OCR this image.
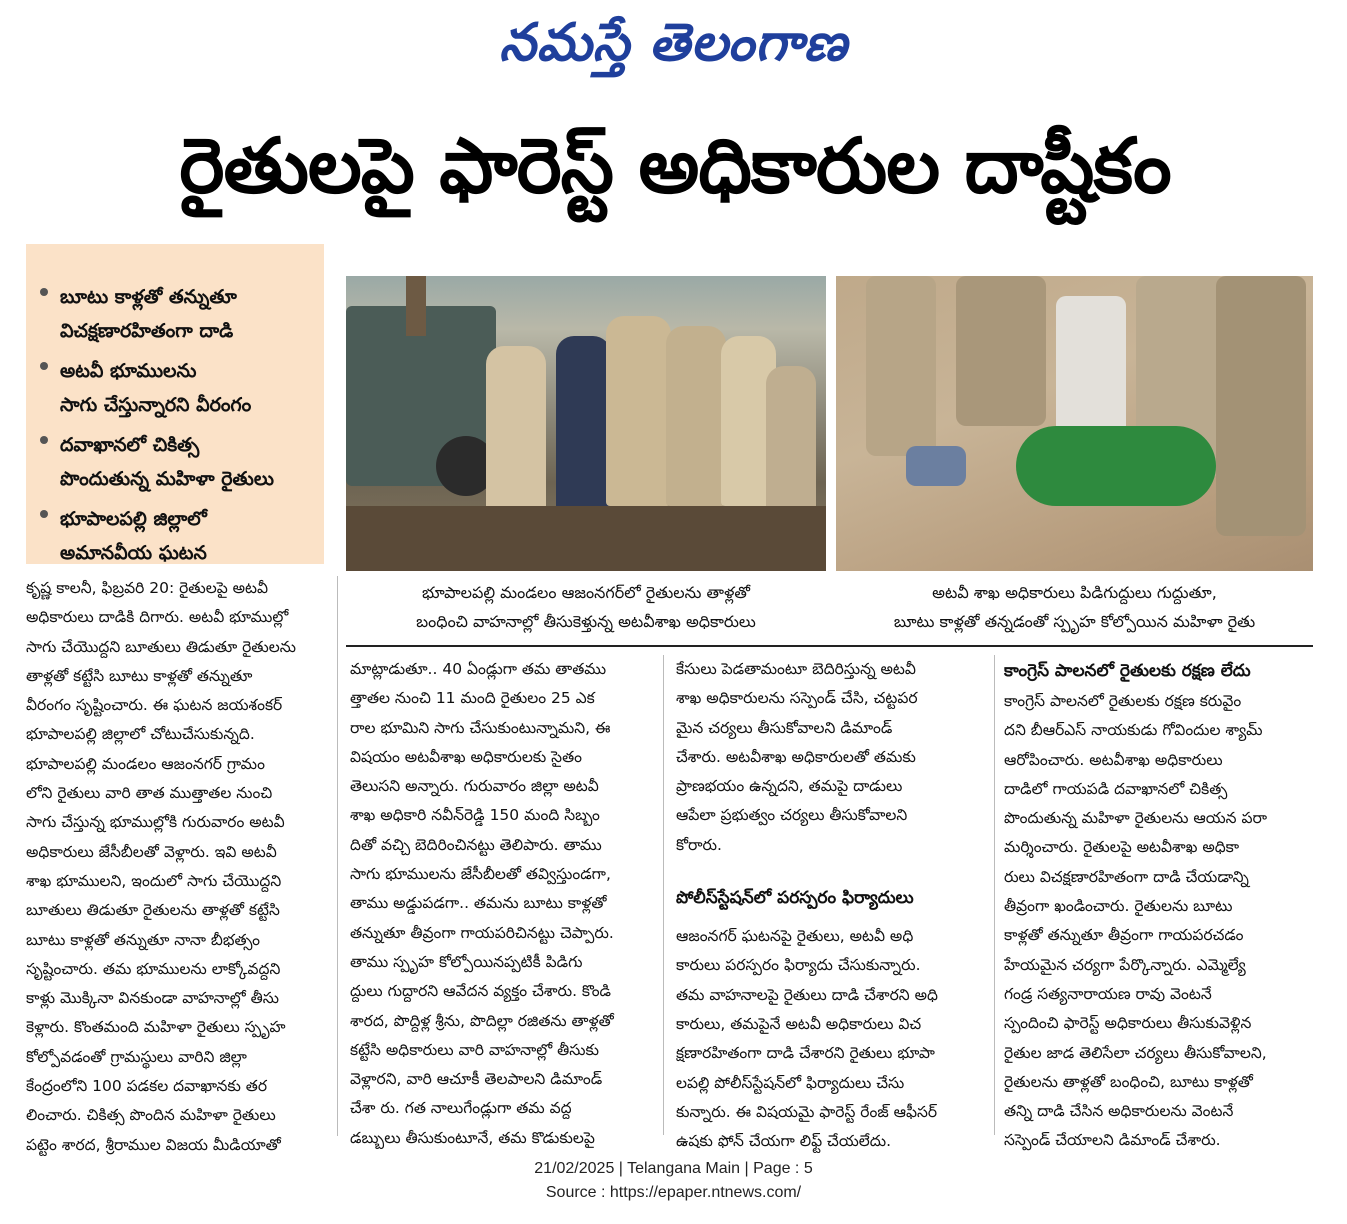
నమస్తే తెలంగాణ
రైతులపై ఫారెస్ట్ అధికారుల దాష్టీకం
బూటు కాళ్లతో తన్నుతూ
విచక్షణారహితంగా దాడి
అటవీ భూములను
సాగు చేస్తున్నారని వీరంగం
దవాఖానలో చికిత్స
పొందుతున్న మహిళా రైతులు
భూపాలపల్లి జిల్లాలో
అమానవీయ ఘటన
భూపాలపల్లి మండలం ఆజంనగర్‌లో రైతులను తాళ్లతో
బంధించి వాహనాల్లో తీసుకెళ్తున్న అటవీశాఖ అధికారులు
అటవీ శాఖ అధికారులు పిడిగుద్దులు గుద్దుతూ,
బూటు కాళ్లతో తన్నడంతో స్పృహ కోల్పోయిన మహిళా రైతు
కృష్ణ కాలనీ, ఫిబ్రవరి 20: రైతులపై అటవీ
అధికారులు దాడికి దిగారు. అటవీ భూముల్లో
సాగు చేయొద్దని బూతులు తిడుతూ రైతులను
తాళ్లతో కట్టేసి బూటు కాళ్లతో తన్నుతూ
వీరంగం సృష్టించారు. ఈ ఘటన జయశంకర్
భూపాలపల్లి జిల్లాలో చోటుచేసుకున్నది.
భూపాలపల్లి మండలం ఆజంనగర్ గ్రామం
లోని రైతులు వారి తాత ముత్తాతల నుంచి
సాగు చేస్తున్న భూముల్లోకి గురువారం అటవీ
అధికారులు జేసీబీలతో వెళ్లారు. ఇవి అటవీ
శాఖ భూములని, ఇందులో సాగు చేయొద్దని
బూతులు తిడుతూ రైతులను తాళ్లతో కట్టేసి
బూటు కాళ్లతో తన్నుతూ నానా బీభత్సం
సృష్టించారు. తమ భూములను లాక్కోవద్దని
కాళ్లు మొక్కినా వినకుండా వాహనాల్లో తీసు
కెళ్లారు. కొంతమంది మహిళా రైతులు స్పృహ
కోల్పోవడంతో గ్రామస్థులు వారిని జిల్లా
కేంద్రంలోని 100 పడకల దవాఖానకు తర
లించారు. చికిత్స పొందిన మహిళా రైతులు
పట్టెం శారద, శ్రీరాముల విజయ మీడియాతో
మాట్లాడుతూ.. 40 ఏండ్లుగా తమ తాతము
త్తాతల నుంచి 11 మంది రైతులం 25 ఎక
రాల భూమిని సాగు చేసుకుంటున్నామని, ఈ
విషయం అటవీశాఖ అధికారులకు సైతం
తెలుసని అన్నారు. గురువారం జిల్లా అటవీ
శాఖ అధికారి నవీన్‌రెడ్డి 150 మంది సిబ్బం
దితో వచ్చి బెదిరించినట్టు తెలిపారు. తాము
సాగు భూములను జేసీబీలతో తవ్విస్తుండగా,
తాము అడ్డుపడగా.. తమను బూటు కాళ్లతో
తన్నుతూ తీవ్రంగా గాయపరిచినట్టు చెప్పారు.
తాము స్పృహ కోల్పోయినప్పటికీ పిడిగు
ద్దులు గుద్దారని ఆవేదన వ్యక్తం చేశారు. కొండి
శారద, పొద్దిళ్ల శ్రీను, పొదిల్లా రజితను తాళ్లతో
కట్టేసి అధికారులు వారి వాహనాల్లో తీసుకు
వెళ్లారని, వారి ఆచూకీ తెలపాలని డిమాండ్
చేశా రు. గత నాలుగేండ్లుగా తమ వద్ద
డబ్బులు తీసుకుంటూనే, తమ కొడుకులపై
కేసులు పెడతామంటూ బెదిరిస్తున్న అటవీ
శాఖ అధికారులను సస్పెండ్ చేసి, చట్టపర
మైన చర్యలు తీసుకోవాలని డిమాండ్
చేశారు. అటవీశాఖ అధికారులతో తమకు
ప్రాణభయం ఉన్నదని, తమపై దాడులు
ఆపేలా ప్రభుత్వం చర్యలు తీసుకోవాలని
కోరారు.
పోలీస్‌స్టేషన్‌లో పరస్పరం ఫిర్యాదులు
ఆజంనగర్ ఘటనపై రైతులు, అటవీ అధి
కారులు పరస్పరం ఫిర్యాదు చేసుకున్నారు.
తమ వాహనాలపై రైతులు దాడి చేశారని అధి
కారులు, తమపైనే అటవీ అధికారులు విచ
క్షణారహితంగా దాడి చేశారని రైతులు భూపా
లపల్లి పోలీస్‌స్టేషన్‌లో ఫిర్యాదులు చేసు
కున్నారు. ఈ విషయమై ఫారెస్ట్ రేంజ్ ఆఫీసర్
ఉషకు ఫోన్ చేయగా లిఫ్ట్ చేయలేదు.
కాంగ్రెస్ పాలనలో రైతులకు రక్షణ లేదు
కాంగ్రెస్ పాలనలో రైతులకు రక్షణ కరువైం
దని బీఆర్‌ఎస్ నాయకుడు గోవిందుల శ్యామ్
ఆరోపించారు. అటవీశాఖ అధికారులు
దాడిలో గాయపడి దవాఖానలో చికిత్స
పొందుతున్న మహిళా రైతులను ఆయన పరా
మర్శించారు. రైతులపై అటవీశాఖ అధికా
రులు విచక్షణారహితంగా దాడి చేయడాన్ని
తీవ్రంగా ఖండించారు. రైతులను బూటు
కాళ్లతో తన్నుతూ తీవ్రంగా గాయపరచడం
హేయమైన చర్యగా పేర్కొన్నారు. ఎమ్మెల్యే
గండ్ర సత్యనారాయణ రావు వెంటనే
స్పందించి ఫారెస్ట్ అధికారులు తీసుకువెళ్లిన
రైతుల జాడ తెలిసేలా చర్యలు తీసుకోవాలని,
రైతులను తాళ్లతో బంధించి, బూటు కాళ్లతో
తన్ని దాడి చేసిన అధికారులను వెంటనే
సస్పెండ్ చేయాలని డిమాండ్ చేశారు.
21/02/2025 | Telangana Main | Page : 5
Source : https://epaper.ntnews.com/
